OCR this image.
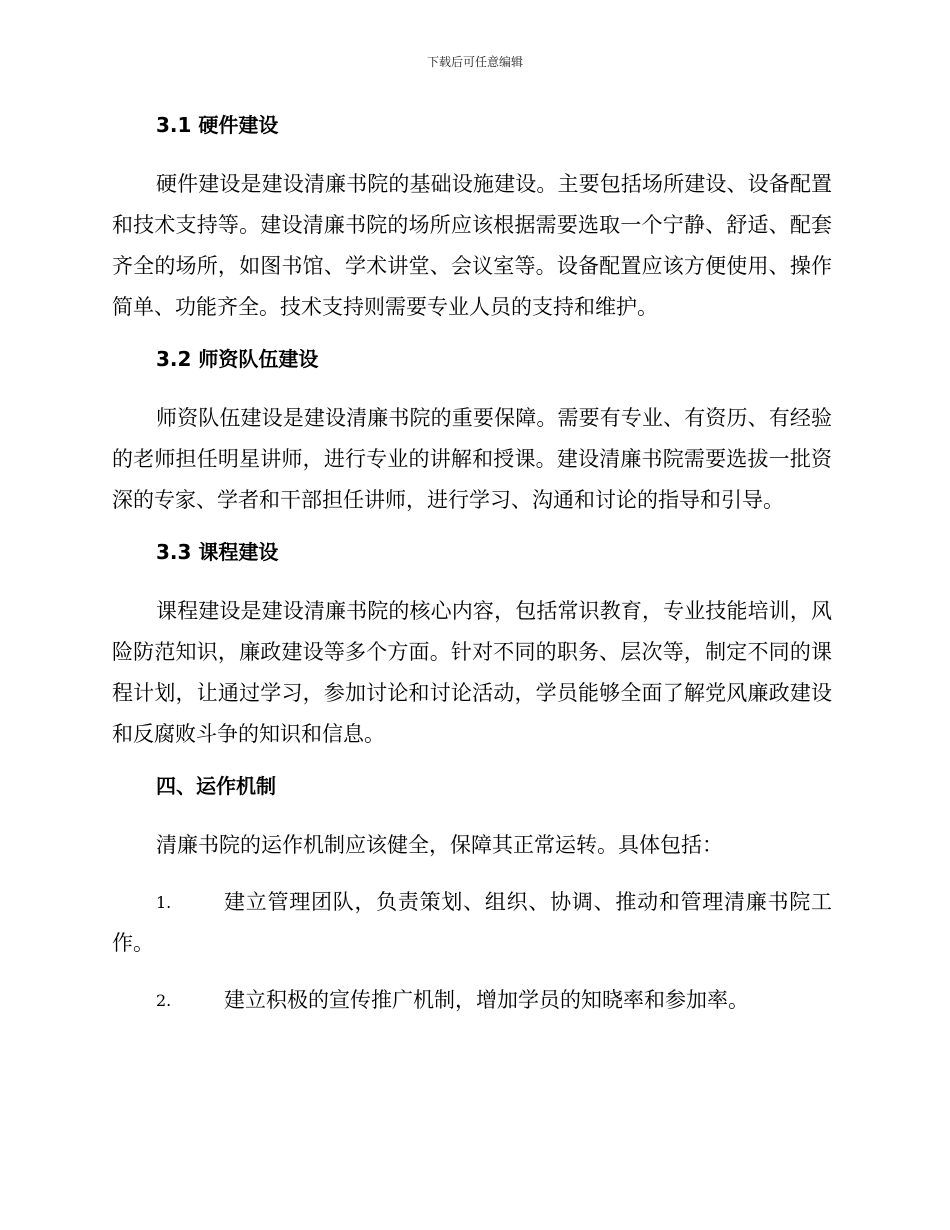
下载后可任意编辑
3.1 硬件建设

硬件建设是建设清廉书院的基础设施建设。主要包括场所建设、设备配置和技术支持等。建设清廉书院的场所应该根据需要选取一个宁静、舒适、配套齐全的场所，如图书馆、学术讲堂、会议室等。设备配置应该方便使用、操作简单、功能齐全。技术支持则需要专业人员的支持和维护。

3.2 师资队伍建设

师资队伍建设是建设清廉书院的重要保障。需要有专业、有资历、有经验的老师担任明星讲师，进行专业的讲解和授课。建设清廉书院需要选拔一批资深的专家、学者和干部担任讲师，进行学习、沟通和讨论的指导和引导。

3.3 课程建设

课程建设是建设清廉书院的核心内容，包括常识教育，专业技能培训，风险防范知识，廉政建设等多个方面。针对不同的职务、层次等，制定不同的课程计划，让通过学习，参加讨论和讨论活动，学员能够全面了解党风廉政建设和反腐败斗争的知识和信息。

四、运作机制

清廉书院的运作机制应该健全，保障其正常运转。具体包括：

1.	建立管理团队，负责策划、组织、协调、推动和管理清廉书院工作。
2.	建立积极的宣传推广机制，增加学员的知晓率和参加率。
